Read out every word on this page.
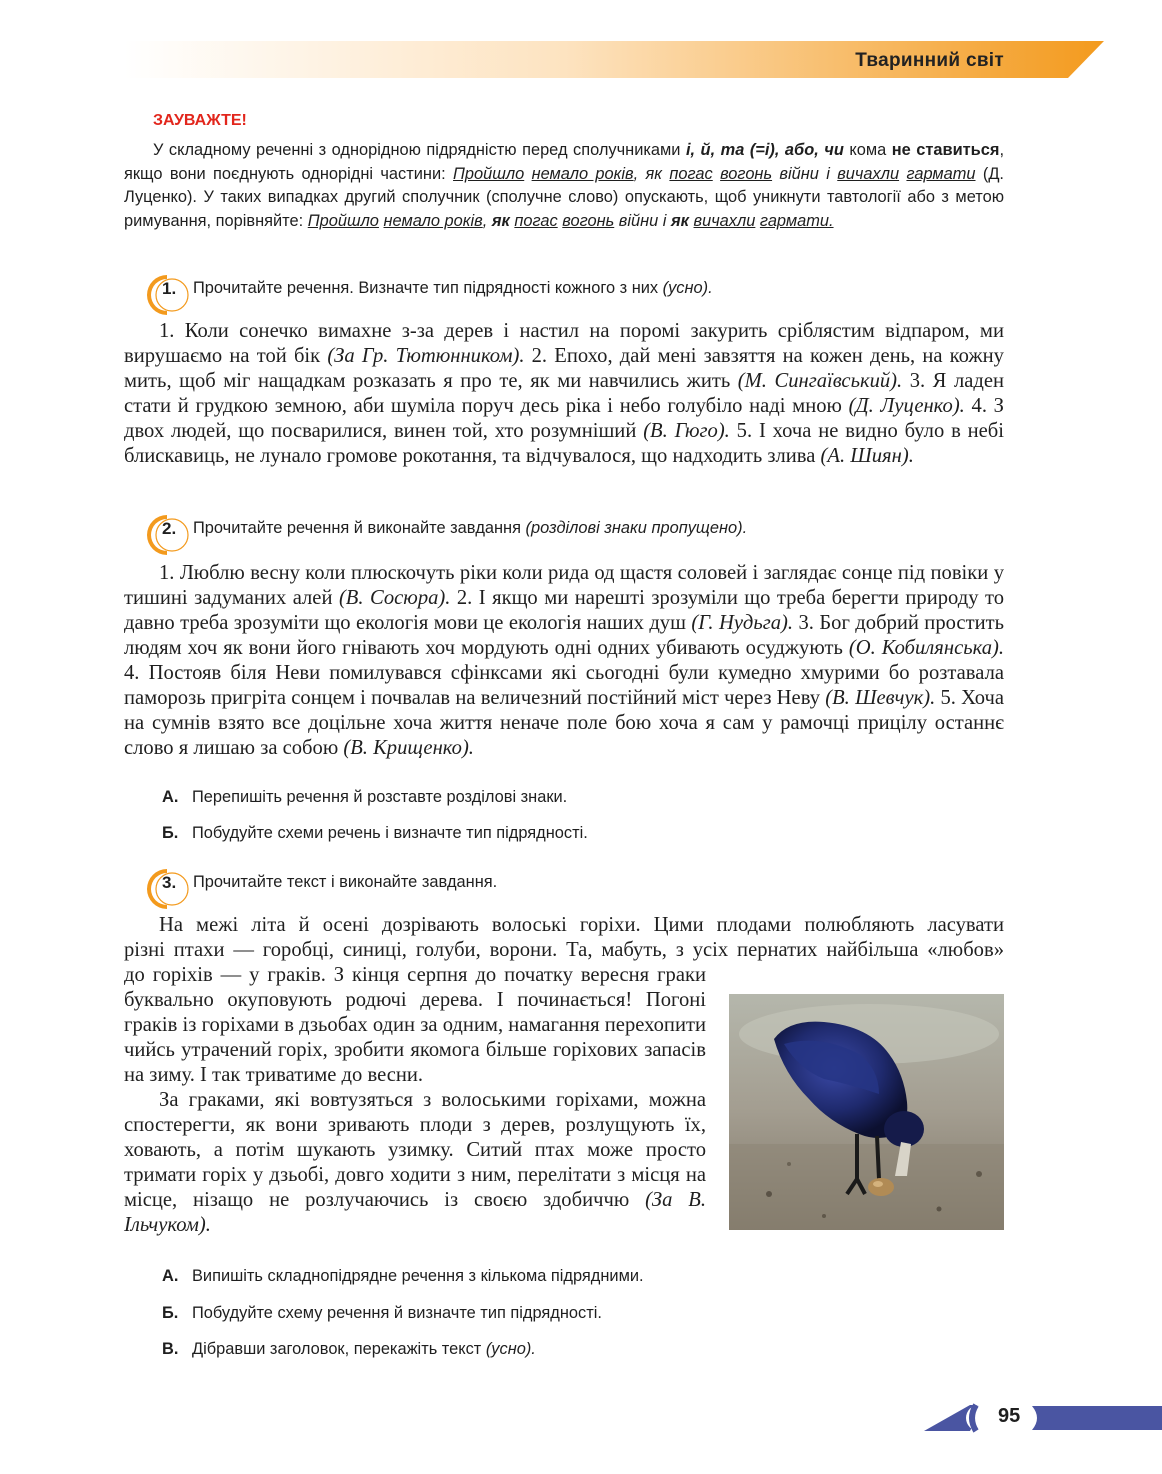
Тваринний світ
ЗАУВАЖТЕ!

У складному реченні з однорідною підрядністю перед сполучниками і, й, та (=і), або, чи кома не ставиться, якщо вони поєднують однорідні частини: Пройшло немало років, як погас вогонь війни і вичахли гармати (Д. Луценко). У таких випадках другий сполучник (сполучне слово) опускають, щоб уникнути тавтології або з метою римування, порівняйте: Пройшло немало років, як погас вогонь війни і як вичахли гармати.

1. Прочитайте речення. Визначте тип підрядності кожного з них (усно).

1. Коли сонечко вимахне з-за дерев і настил на поромі закурить сріблястим відпаром, ми вирушаємо на той бік (За Гр. Тютюнником). 2. Епохо, дай мені завзяття на кожен день, на кожну мить, щоб міг нащадкам розказать я про те, як ми навчились жить (М. Сингаївський). 3. Я ладен стати й грудкою земною, аби шуміла поруч десь ріка і небо голубіло наді мною (Д. Луценко). 4. З двох людей, що посварилися, винен той, хто розумніший (В. Гюго). 5. І хоча не видно було в небі блискавиць, не лунало громове рокотання, та відчувалося, що надходить злива (А. Шиян).

2. Прочитайте речення й виконайте завдання (розділові знаки пропущено).

1. Люблю весну коли плюскочуть ріки коли рида од щастя соловей і заглядає сонце під повіки у тишині задуманих алей (В. Сосюра). 2. І якщо ми нарешті зрозуміли що треба берегти природу то давно треба зрозуміти що екологія мови це екологія наших душ (Г. Нудьга). 3. Бог добрий простить людям хоч як вони його гнівають хоч мордують одні одних убивають осуджують (О. Кобилянська). 4. Постояв біля Неви помилувався сфінксами які сьогодні були кумедно хмурими бо розтавала паморозь пригріта сонцем і почвалав на величезний постійний міст через Неву (В. Шевчук). 5. Хоча на сумнів взято все доцільне хоча життя неначе поле бою хоча я сам у рамочці прицілу останнє слово я лишаю за собою (В. Крищенко).

А. Перепишіть речення й розставте розділові знаки.
Б. Побудуйте схеми речень і визначте тип підрядності.
3. Прочитайте текст і виконайте завдання.
На межі літа й осені дозрівають волоські горіхи. Цими плодами полюбляють ласувати
різні птахи — горобці, синиці, голуби, ворони. Та, мабуть, з усіх пернатих найбільша «любов»
до горіхів — у граків. З кінця серпня до початку вересня граки буквально окуповують родючі дерева. І починається! Погоні граків із горіхами в дзьобах один за одним, намагання перехопити чийсь утрачений горіх, зробити якомога більше горіхових запасів на зиму. І так триватиме до весни.

За граками, які вовтузяться з волоськими горіхами, можна спостерегти, як вони зривають плоди з дерев, розлущують їх, ховають, а потім шукають узимку. Ситий птах може просто тримати горіх у дзьобі, довго ходити з ним, перелітати з місця на місце, нізащо не розлучаючись із своєю здобиччю (За В. Ільчуком).

А. Випишіть складнопідрядне речення з кількома підрядними.
Б. Побудуйте схему речення й визначте тип підрядності.
В. Дібравши заголовок, перекажіть текст (усно).
95
